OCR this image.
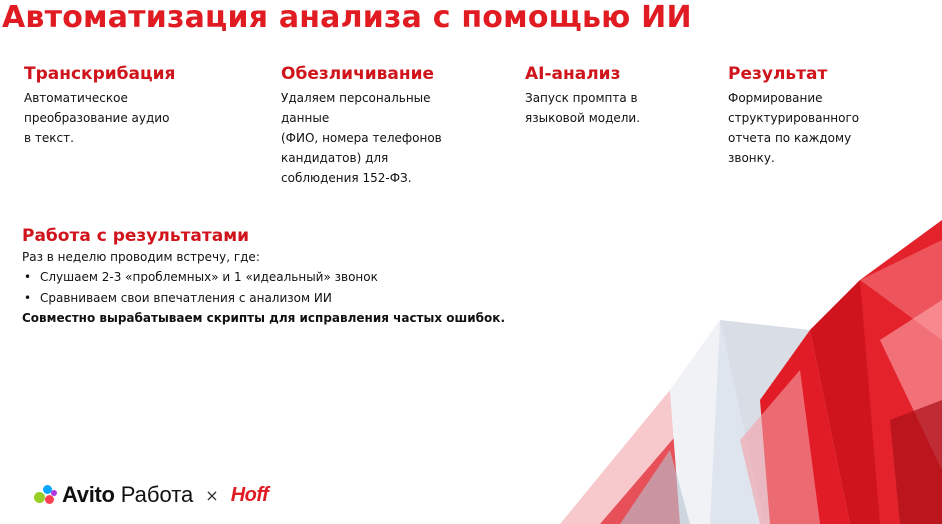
Автоматизация анализа с помощью ИИ
Транскрибация
Автоматическое
преобразование аудио
в текст.
Обезличивание
Удаляем персональные
данные
(ФИО, номера телефонов
кандидатов) для
соблюдения 152-ФЗ.
AI-анализ
Запуск промпта в
языковой модели.
Результат
Формирование
структурированного
отчета по каждому
звонку.
Работа с результатами
Раз в неделю проводим встречу, где:
• Слушаем 2-3 «проблемных» и 1 «идеальный» звонок
• Сравниваем свои впечатления с анализом ИИ
Совместно вырабатываем скрипты для исправления частых ошибок.
Avito Работа × Hoff
